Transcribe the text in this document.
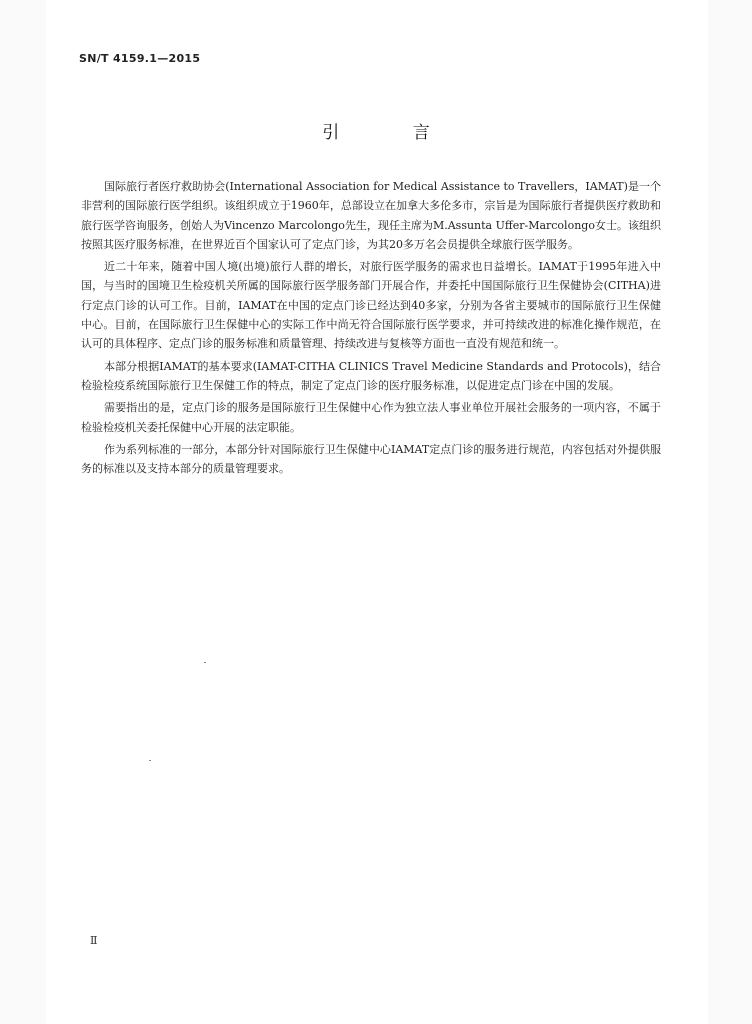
SN/T 4159.1—2015
引 言

国际旅行者医疗救助协会(International Association for Medical Assistance to Travellers，IAMAT)是一个非营利的国际旅行医学组织。该组织成立于1960年，总部设立在加拿大多伦多市，宗旨是为国际旅行者提供医疗救助和旅行医学咨询服务，创始人为Vincenzo Marcolongo先生，现任主席为M.Assunta Uffer-Marcolongo女士。该组织按照其医疗服务标准，在世界近百个国家认可了定点门诊，为其20多万名会员提供全球旅行医学服务。

近二十年来，随着中国人境(出境)旅行人群的增长，对旅行医学服务的需求也日益增长。IAMAT于1995年进入中国，与当时的国境卫生检疫机关所属的国际旅行医学服务部门开展合作，并委托中国国际旅行卫生保健协会(CITHA)进行定点门诊的认可工作。目前，IAMAT在中国的定点门诊已经达到40多家，分别为各省主要城市的国际旅行卫生保健中心。目前，在国际旅行卫生保健中心的实际工作中尚无符合国际旅行医学要求，并可持续改进的标准化操作规范，在认可的具体程序、定点门诊的服务标准和质量管理、持续改进与复核等方面也一直没有规范和统一。

本部分根据IAMAT的基本要求(IAMAT-CITHA CLINICS Travel Medicine Standards and Protocols)，结合检验检疫系统国际旅行卫生保健工作的特点，制定了定点门诊的医疗服务标准，以促进定点门诊在中国的发展。

需要指出的是，定点门诊的服务是国际旅行卫生保健中心作为独立法人事业单位开展社会服务的一项内容，不属于检验检疫机关委托保健中心开展的法定职能。

作为系列标准的一部分，本部分针对国际旅行卫生保健中心IAMAT定点门诊的服务进行规范，内容包括对外提供服务的标准以及支持本部分的质量管理要求。

Ⅱ
